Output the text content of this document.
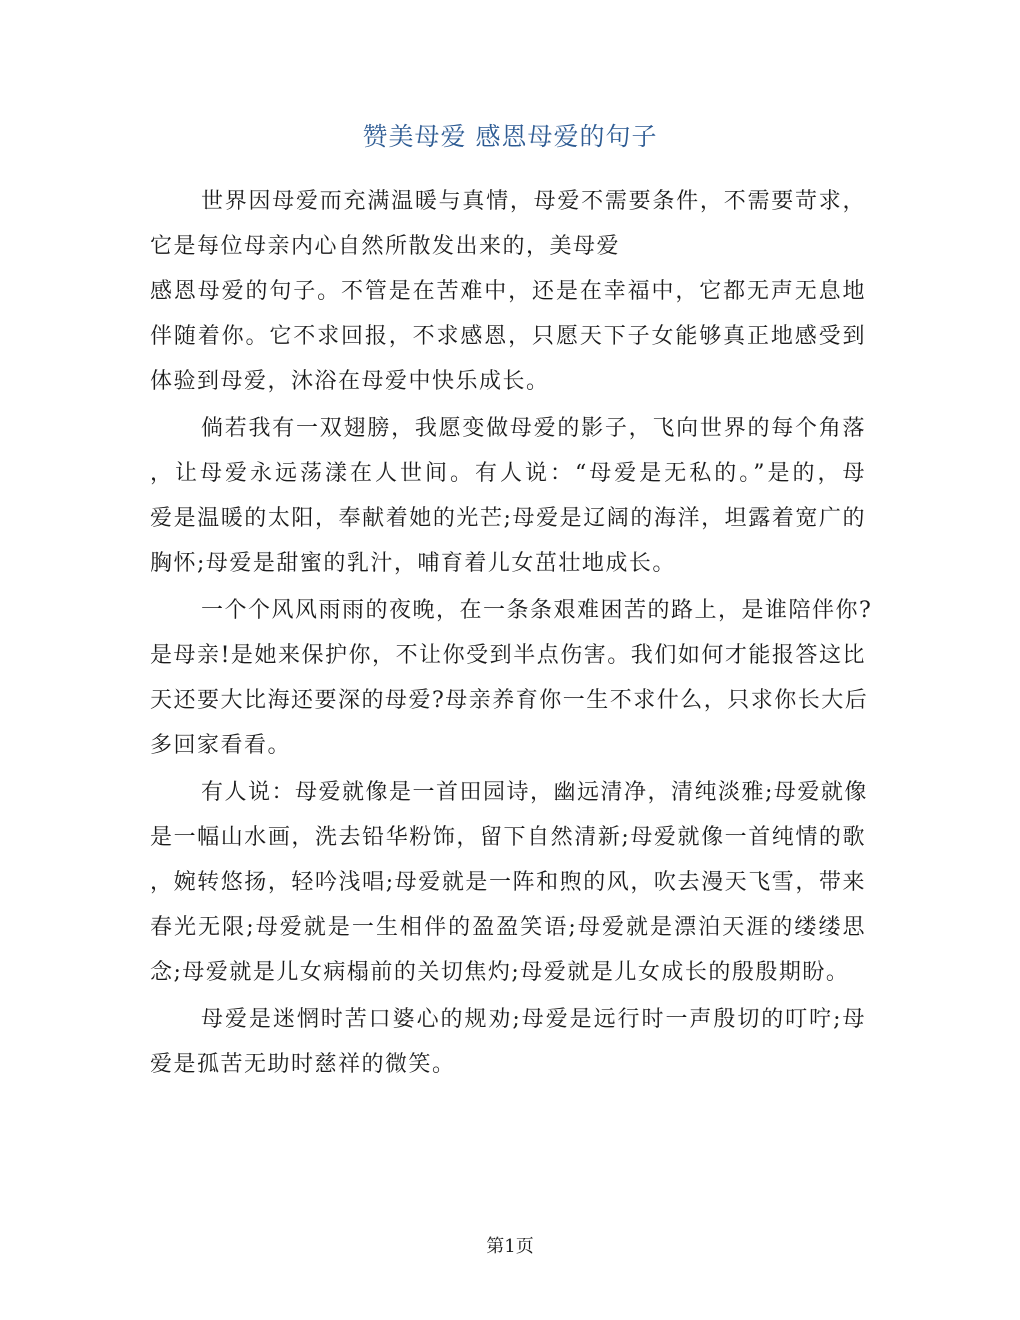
赞美母爱 感恩母爱的句子
世界因母爱而充满温暖与真情，母爱不需要条件，不需要苛求，
它是每位母亲内心自然所散发出来的，美母爱
感恩母爱的句子。不管是在苦难中，还是在幸福中，它都无声无息地
伴随着你。它不求回报，不求感恩，只愿天下子女能够真正地感受到
体验到母爱，沐浴在母爱中快乐成长。
倘若我有一双翅膀，我愿变做母爱的影子，飞向世界的每个角落
，让母爱永远荡漾在人世间。有人说：“母爱是无私的。”是的，母
爱是温暖的太阳，奉献着她的光芒;母爱是辽阔的海洋，坦露着宽广的
胸怀;母爱是甜蜜的乳汁，哺育着儿女茁壮地成长。
一个个风风雨雨的夜晚，在一条条艰难困苦的路上，是谁陪伴你?
是母亲!是她来保护你，不让你受到半点伤害。我们如何才能报答这比
天还要大比海还要深的母爱?母亲养育你一生不求什么，只求你长大后
多回家看看。
有人说：母爱就像是一首田园诗，幽远清净，清纯淡雅;母爱就像
是一幅山水画，洗去铅华粉饰，留下自然清新;母爱就像一首纯情的歌
，婉转悠扬，轻吟浅唱;母爱就是一阵和煦的风，吹去漫天飞雪，带来
春光无限;母爱就是一生相伴的盈盈笑语;母爱就是漂泊天涯的缕缕思
念;母爱就是儿女病榻前的关切焦灼;母爱就是儿女成长的殷殷期盼。
母爱是迷惘时苦口婆心的规劝;母爱是远行时一声殷切的叮咛;母
爱是孤苦无助时慈祥的微笑。
第1页
